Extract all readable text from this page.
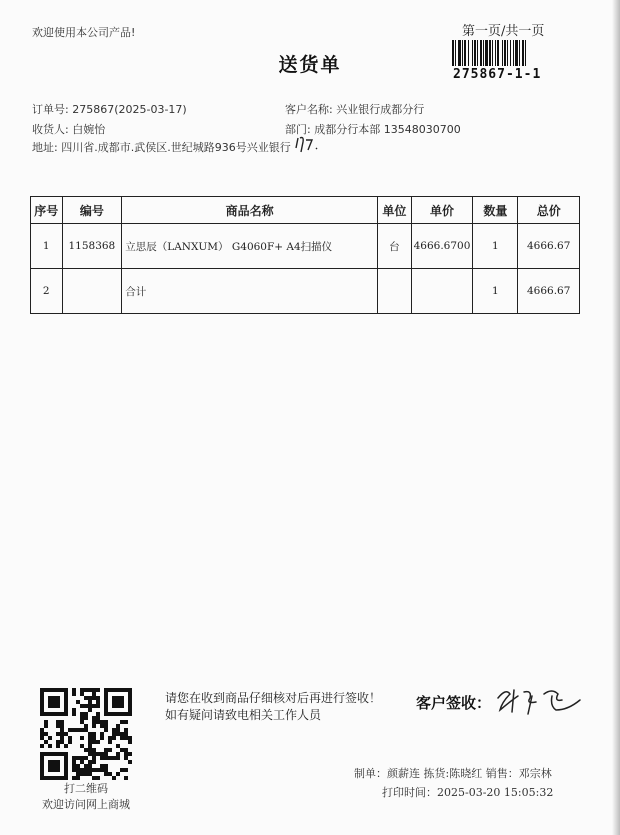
欢迎使用本公司产品!
送货单
第一页/共一页
275867-1-1
订单号: 275867(2025-03-17)
收货人: 白婉怡
地址: 四川省.成都市.武侯区.世纪城路936号兴业银行
客户名称: 兴业银行成都分行
部门: 成都分行本部 13548030700
序号	编号	商品名称	单位	单价	数量	总价
1	1158368	立思辰（LANXUM） G4060F+ A4扫描仪	台	4666.6700	1	4666.67
2		合计			1	4666.67
打二维码
欢迎访问网上商城
请您在收到商品仔细核对后再进行签收！如有疑问请致电相关工作人员
客户签收：
制单：颜薪连 拣货:陈晓红 销售：邓宗林
打印时间：2025-03-20 15:05:32
